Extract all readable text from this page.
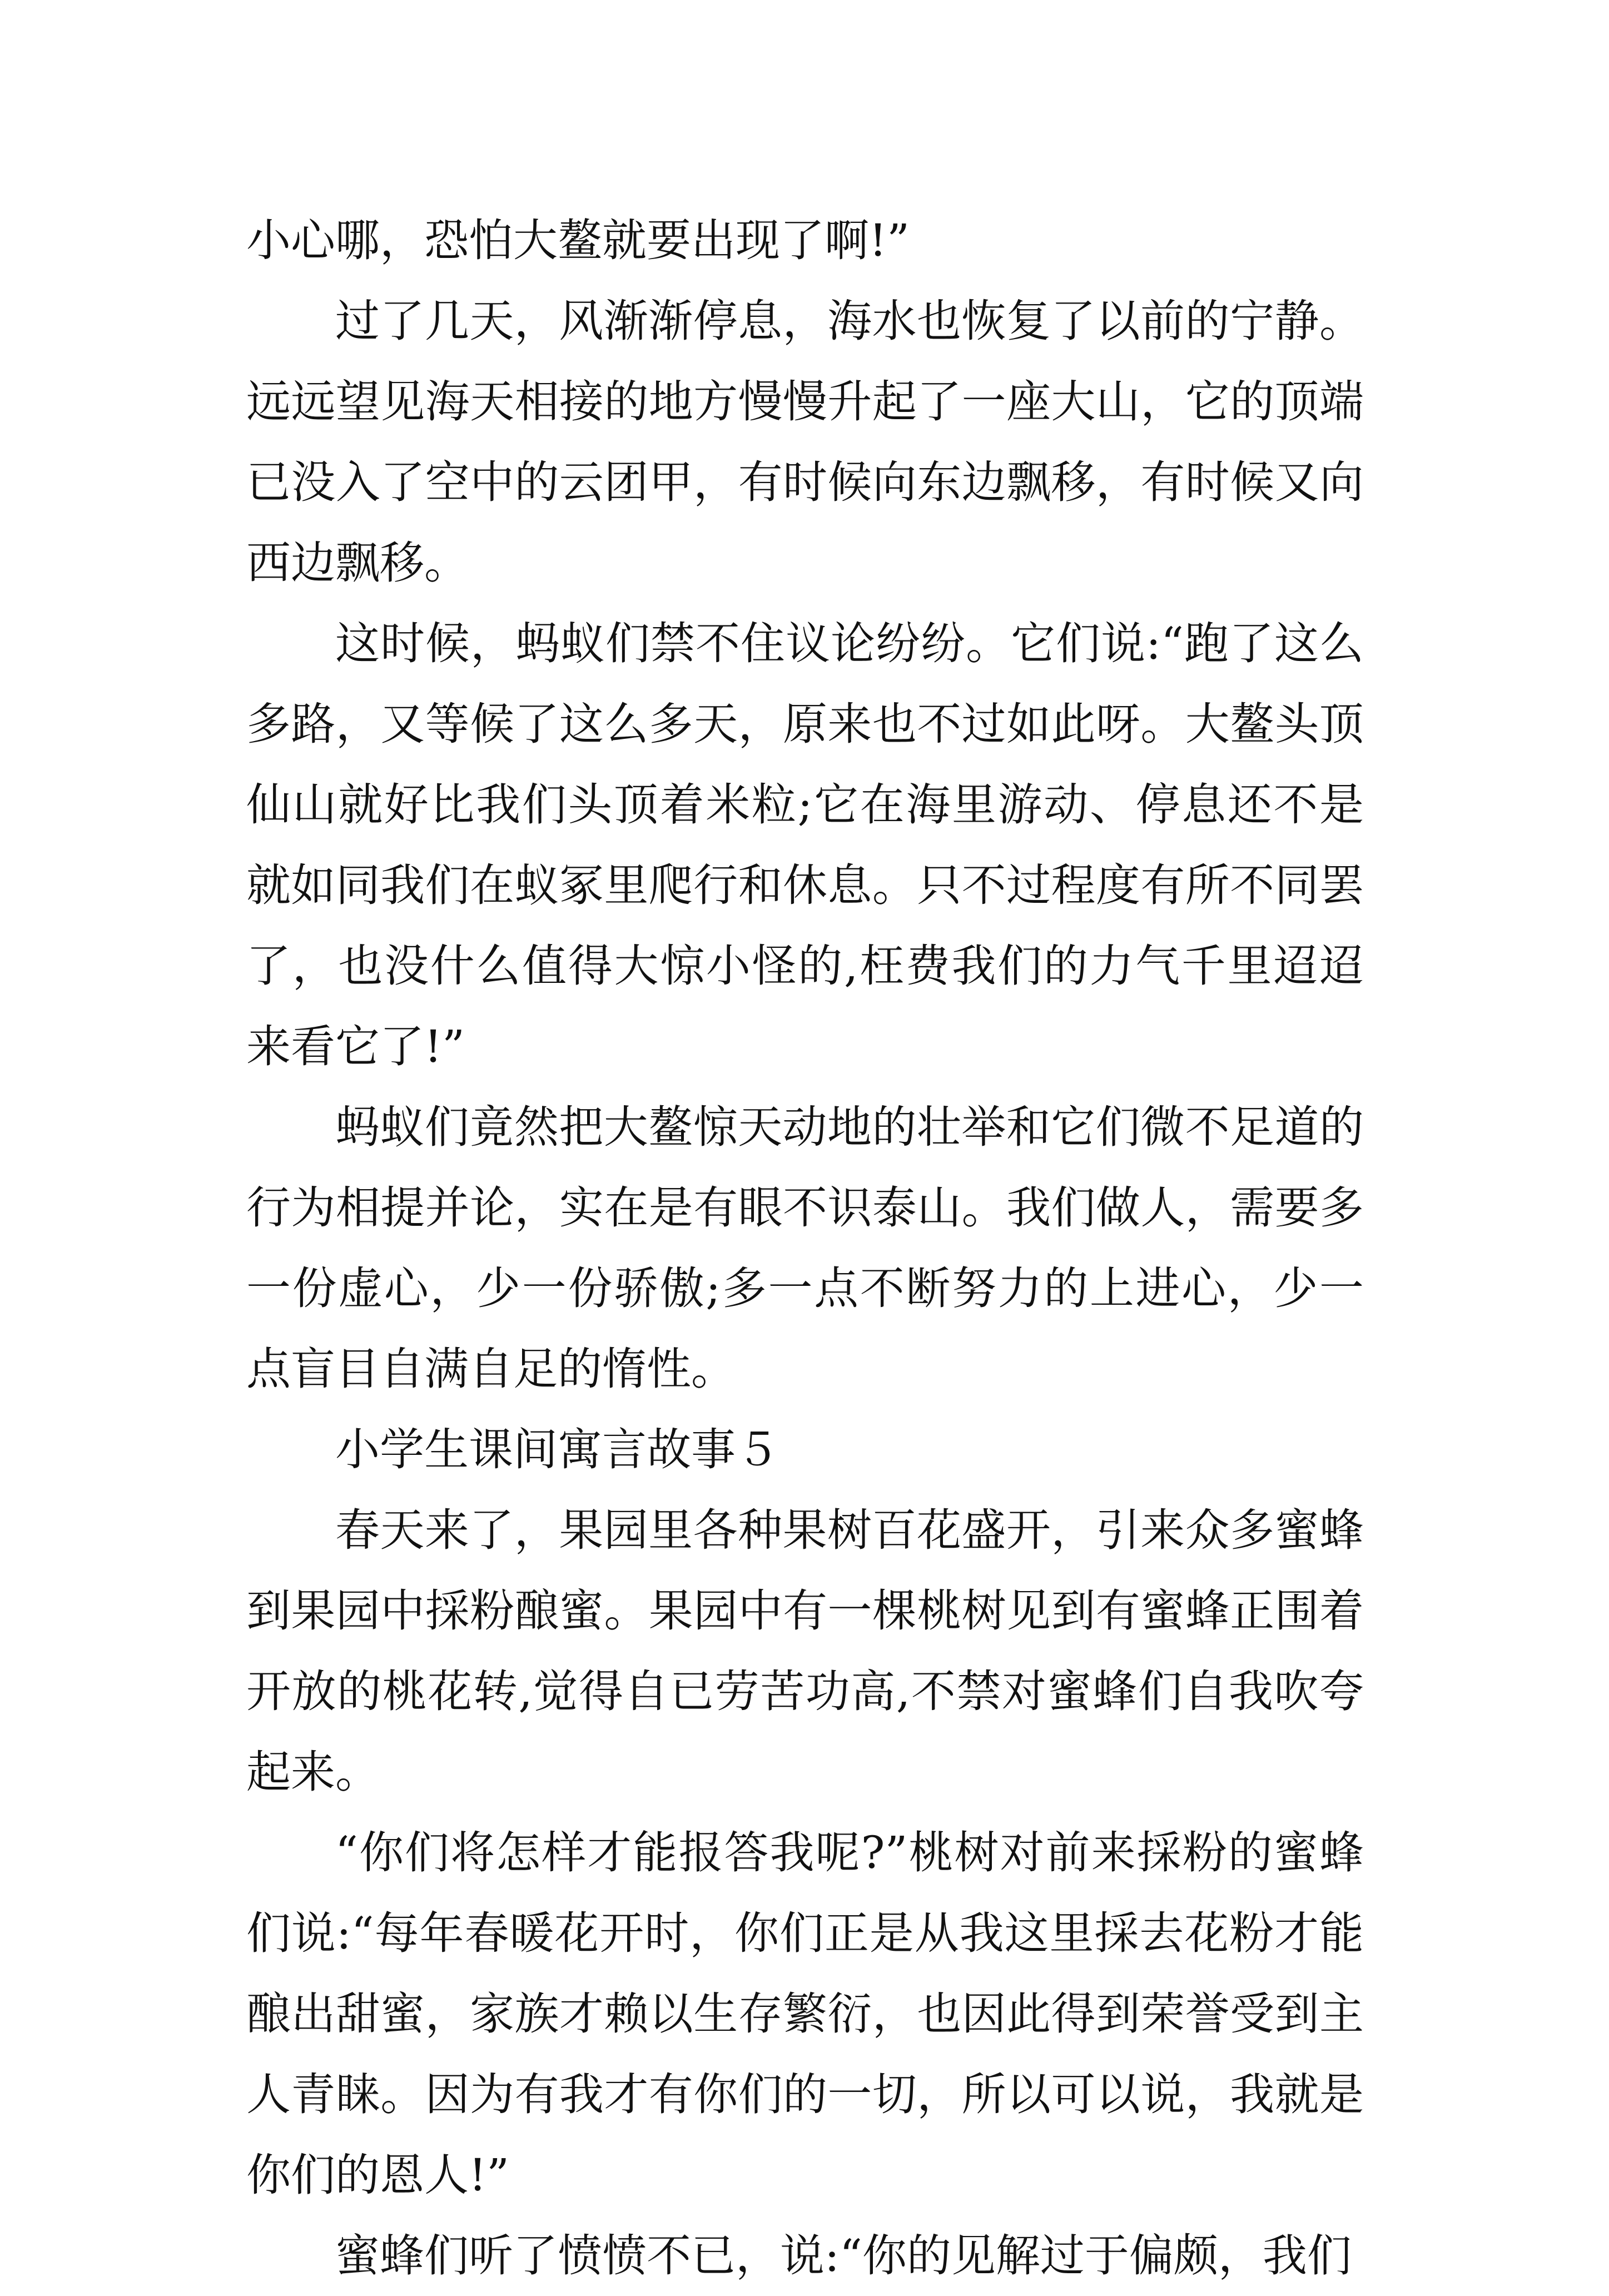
小心哪，恐怕大鳌就要出现了啊!”

过了几天，风渐渐停息，海水也恢复了以前的宁静。远远望见海天相接的地方慢慢升起了一座大山，它的顶端已没入了空中的云团甲，有时候向东边飘移，有时候又向西边飘移。

这时候，蚂蚁们禁不住议论纷纷。它们说:“跑了这么多路，又等候了这么多天，原来也不过如此呀。大鳌头顶仙山就好比我们头顶着米粒;它在海里游动、停息还不是就如同我们在蚁冢里爬行和休息。只不过程度有所不同罢了，也没什么值得大惊小怪的,枉费我们的力气千里迢迢来看它了!”

蚂蚁们竟然把大鳌惊天动地的壮举和它们微不足道的行为相提并论，实在是有眼不识泰山。我们做人，需要多一份虚心，少一份骄傲;多一点不断努力的上进心，少一点盲目自满自足的惰性。

小学生课间寓言故事５

春天来了，果园里各种果树百花盛开，引来众多蜜蜂到果园中採粉酿蜜。果园中有一棵桃树见到有蜜蜂正围着开放的桃花转,觉得自已劳苦功高,不禁对蜜蜂们自我吹夸起来。

“你们将怎样才能报答我呢?”桃树对前来採粉的蜜蜂们说:“每年春暖花开时，你们正是从我这里採去花粉才能酿出甜蜜，家族才赖以生存繁衍，也因此得到荣誉受到主人青睐。因为有我才有你们的一切，所以可以说，我就是你们的恩人!”

蜜蜂们听了愤愤不已，说:“你的见解过于偏颇，我们
